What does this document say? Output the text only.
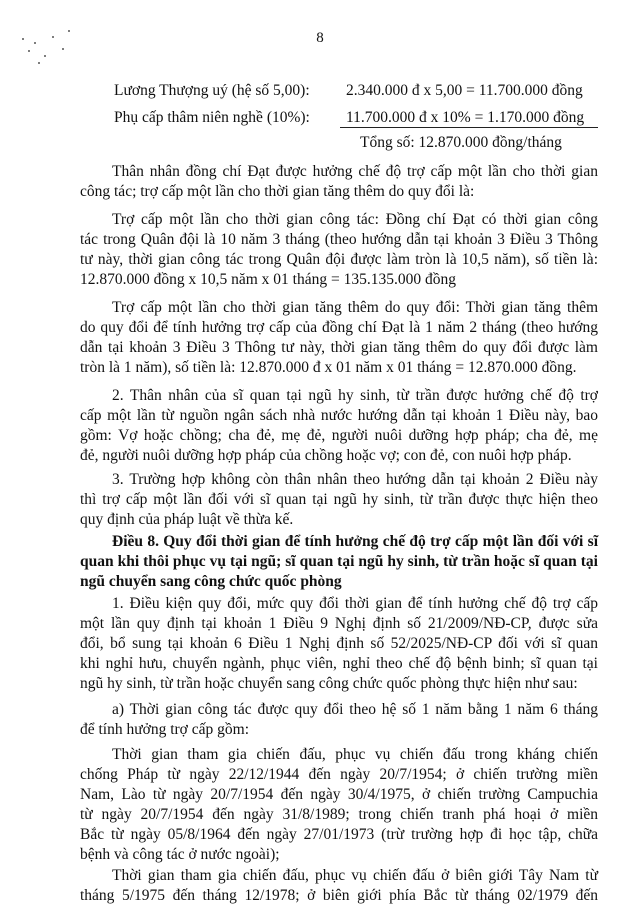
8
Lương Thượng uý (hệ số 5,00): 2.340.000 đ x 5,00 = 11.700.000 đồng
Phụ cấp thâm niên nghề (10%): 11.700.000 đ x 10% = 1.170.000 đồng
Tổng số: 12.870.000 đồng/tháng
Thân nhân đồng chí Đạt được hưởng chế độ trợ cấp một lần cho thời gian
công tác; trợ cấp một lần cho thời gian tăng thêm do quy đổi là:
Trợ cấp một lần cho thời gian công tác: Đồng chí Đạt có thời gian công
tác trong Quân đội là 10 năm 3 tháng (theo hướng dẫn tại khoản 3 Điều 3 Thông
tư này, thời gian công tác trong Quân đội được làm tròn là 10,5 năm), số tiền là:
12.870.000 đồng x 10,5 năm x 01 tháng = 135.135.000 đồng
Trợ cấp một lần cho thời gian tăng thêm do quy đổi: Thời gian tăng thêm
do quy đổi để tính hưởng trợ cấp của đồng chí Đạt là 1 năm 2 tháng (theo hướng
dẫn tại khoản 3 Điều 3 Thông tư này, thời gian tăng thêm do quy đổi được làm
tròn là 1 năm), số tiền là: 12.870.000 đ x 01 năm x 01 tháng = 12.870.000 đồng.
2. Thân nhân của sĩ quan tại ngũ hy sinh, từ trần được hưởng chế độ trợ
cấp một lần từ nguồn ngân sách nhà nước hướng dẫn tại khoản 1 Điều này, bao
gồm: Vợ hoặc chồng; cha đẻ, mẹ đẻ, người nuôi dưỡng hợp pháp; cha đẻ, mẹ
đẻ, người nuôi dưỡng hợp pháp của chồng hoặc vợ; con đẻ, con nuôi hợp pháp.
3. Trường hợp không còn thân nhân theo hướng dẫn tại khoản 2 Điều này
thì trợ cấp một lần đối với sĩ quan tại ngũ hy sinh, từ trần được thực hiện theo
quy định của pháp luật về thừa kế.
Điều 8. Quy đổi thời gian để tính hưởng chế độ trợ cấp một lần đối với sĩ
quan khi thôi phục vụ tại ngũ; sĩ quan tại ngũ hy sinh, từ trần hoặc sĩ quan tại
ngũ chuyển sang công chức quốc phòng
1. Điều kiện quy đổi, mức quy đổi thời gian để tính hưởng chế độ trợ cấp
một lần quy định tại khoản 1 Điều 9 Nghị định số 21/2009/NĐ-CP, được sửa
đổi, bổ sung tại khoản 6 Điều 1 Nghị định số 52/2025/NĐ-CP đối với sĩ quan
khi nghỉ hưu, chuyển ngành, phục viên, nghỉ theo chế độ bệnh binh; sĩ quan tại
ngũ hy sinh, từ trần hoặc chuyển sang công chức quốc phòng thực hiện như sau:
a) Thời gian công tác được quy đổi theo hệ số 1 năm bằng 1 năm 6 tháng
để tính hưởng trợ cấp gồm:
Thời gian tham gia chiến đấu, phục vụ chiến đấu trong kháng chiến
chống Pháp từ ngày 22/12/1944 đến ngày 20/7/1954; ở chiến trường miền
Nam, Lào từ ngày 20/7/1954 đến ngày 30/4/1975, ở chiến trường Campuchia
từ ngày 20/7/1954 đến ngày 31/8/1989; trong chiến tranh phá hoại ở miền
Bắc từ ngày 05/8/1964 đến ngày 27/01/1973 (trừ trường hợp đi học tập, chữa
bệnh và công tác ở nước ngoài);
Thời gian tham gia chiến đấu, phục vụ chiến đấu ở biên giới Tây Nam từ
tháng 5/1975 đến tháng 12/1978; ở biên giới phía Bắc từ tháng 02/1979 đến
